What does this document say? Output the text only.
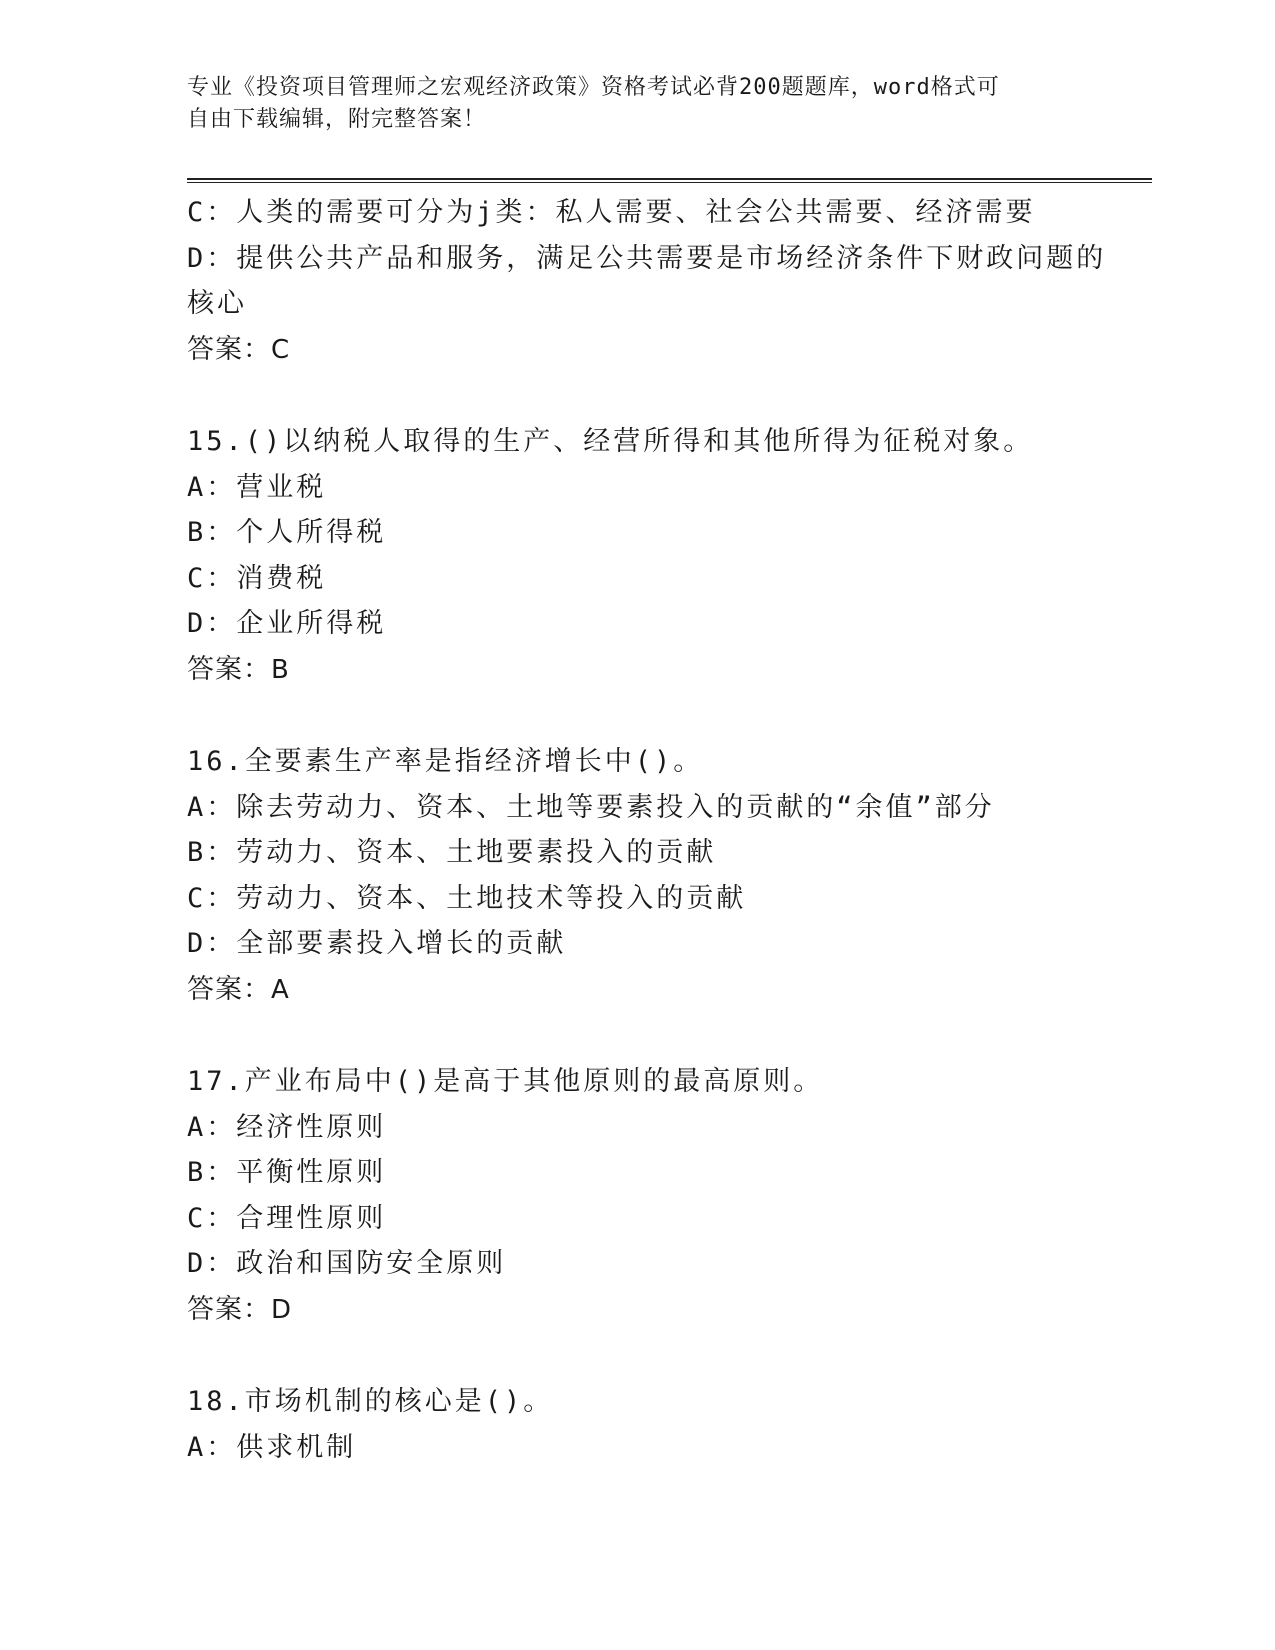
专业《投资项目管理师之宏观经济政策》资格考试必背200题题库，word格式可
自由下载编辑，附完整答案！
C：人类的需要可分为j类：私人需要、社会公共需要、经济需要
D：提供公共产品和服务，满足公共需要是市场经济条件下财政问题的
核心
答案：C
15.()以纳税人取得的生产、经营所得和其他所得为征税对象。
A：营业税
B：个人所得税
C：消费税
D：企业所得税
答案：B
16.全要素生产率是指经济增长中()。
A：除去劳动力、资本、土地等要素投入的贡献的“余值”部分
B：劳动力、资本、土地要素投入的贡献
C：劳动力、资本、土地技术等投入的贡献
D：全部要素投入增长的贡献
答案：A
17.产业布局中()是高于其他原则的最高原则。
A：经济性原则
B：平衡性原则
C：合理性原则
D：政治和国防安全原则
答案：D
18.市场机制的核心是()。
A：供求机制
